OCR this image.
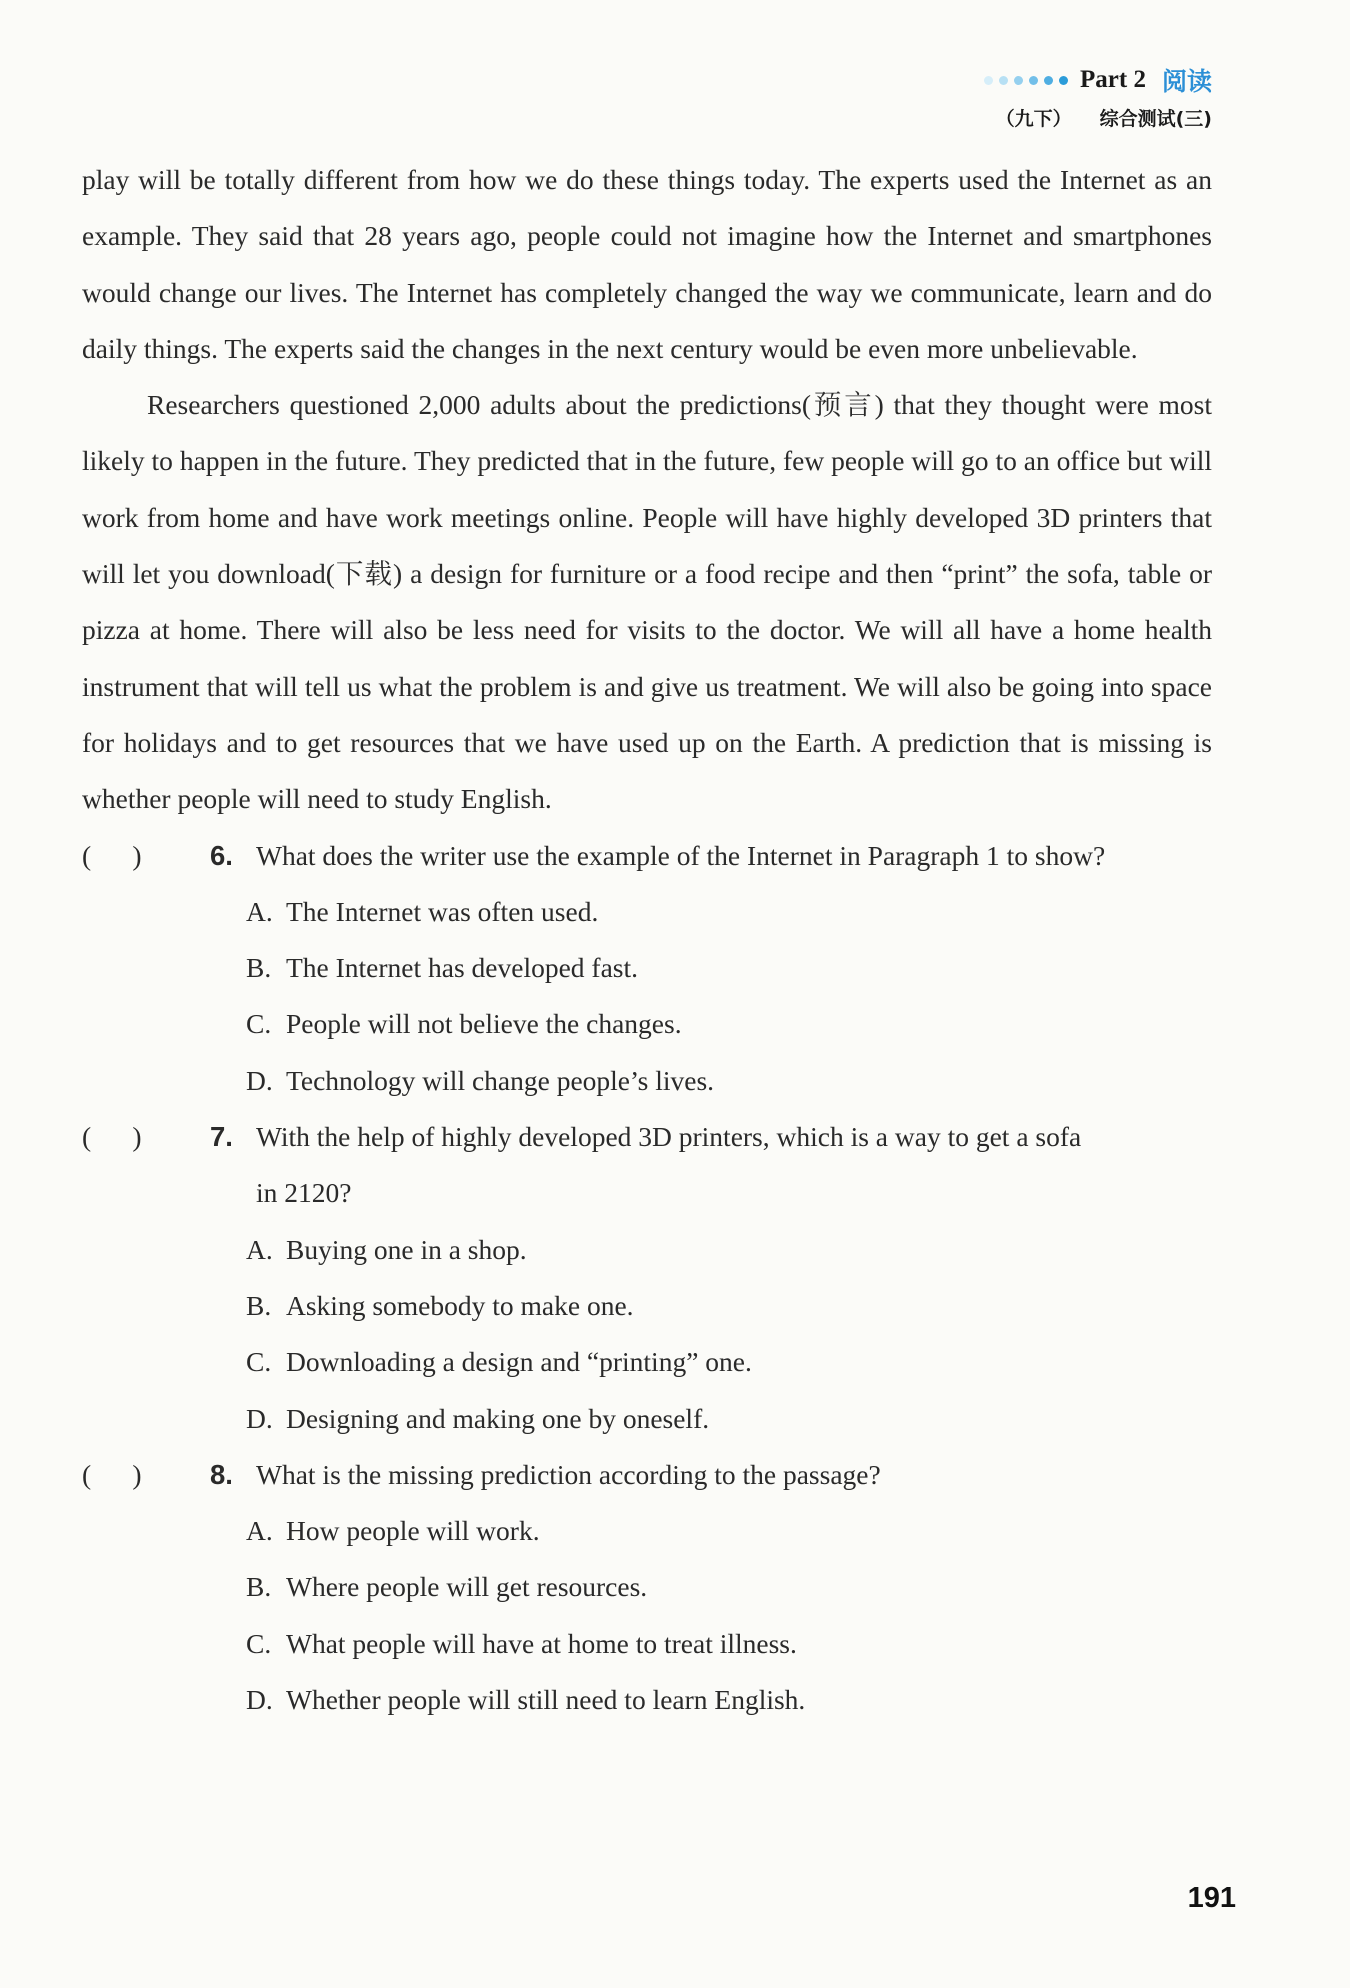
Part 2 阅读
（九下） 综合测试(三)

play will be totally different from how we do these things today. The experts used the Internet as an example. They said that 28 years ago, people could not imagine how the Internet and smartphones would change our lives. The Internet has completely changed the way we communicate, learn and do daily things. The experts said the changes in the next century would be even more unbelievable.

Researchers questioned 2,000 adults about the predictions(预言) that they thought were most likely to happen in the future. They predicted that in the future, few people will go to an office but will work from home and have work meetings online. People will have highly developed 3D printers that will let you download(下载) a design for furniture or a food recipe and then “print” the sofa, table or pizza at home. There will also be less need for visits to the doctor. We will all have a home health instrument that will tell us what the problem is and give us treatment. We will also be going into space for holidays and to get resources that we have used up on the Earth. A prediction that is missing is whether people will need to study English.

(      )	6. What does the writer use the example of the Internet in Paragraph 1 to show?
A. The Internet was often used.
B. The Internet has developed fast.
C. People will not believe the changes.
D. Technology will change people’s lives.
(      )	7. With the help of highly developed 3D printers, which is a way to get a sofa
in 2120?
A. Buying one in a shop.
B. Asking somebody to make one.
C. Downloading a design and “printing” one.
D. Designing and making one by oneself.
(      )	8. What is the missing prediction according to the passage?
A. How people will work.
B. Where people will get resources.
C. What people will have at home to treat illness.
D. Whether people will still need to learn English.
191
